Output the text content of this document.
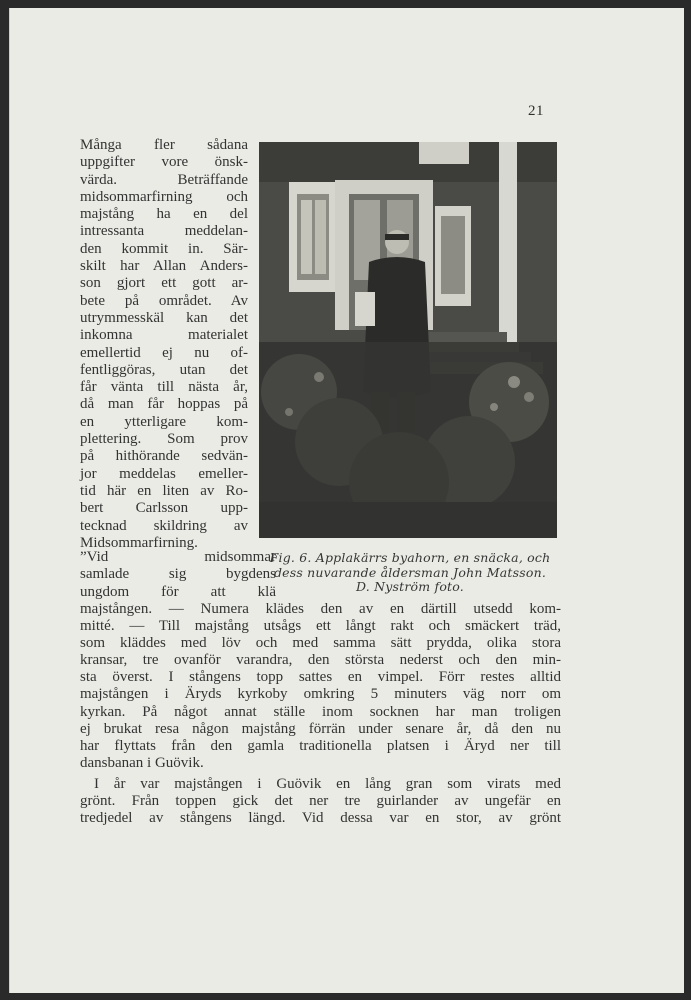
21
Många fler sådana
uppgifter vore önsk-
värda. Beträffande
midsommarfirning och
majstång ha en del
intressanta meddelan-
den kommit in. Sär-
skilt har Allan Anders-
son gjort ett gott ar-
bete på området. Av
utrymmesskäl kan det
inkomna materialet
emellertid ej nu of-
fentliggöras, utan det
får vänta till nästa år,
då man får hoppas på
en ytterligare kom-
plettering. Som prov
på hithörande sedvän-
jor meddelas emeller-
tid här en liten av Ro-
bert Carlsson upp-
tecknad skildring av
Midsommarfirning.
Fig. 6. Applakärrs byahorn, en snäcka, och
dess nuvarande åldersman John Matsson.
D. Nyström foto.
”Vid midsommar
samlade sig bygdens
ungdom för att klä
majstången. — Numera klädes den av en därtill utsedd kom-
mitté. — Till majstång utsågs ett långt rakt och smäckert träd,
som kläddes med löv och med samma sätt prydda, olika stora
kransar, tre ovanför varandra, den största nederst och den min-
sta överst. I stångens topp sattes en vimpel. Förr restes alltid
majstången i Äryds kyrkoby omkring 5 minuters väg norr om
kyrkan. På något annat ställe inom socknen har man troligen
ej brukat resa någon majstång förrän under senare år, då den nu
har flyttats från den gamla traditionella platsen i Äryd ner till
dansbanan i Guövik.
I år var majstången i Guövik en lång gran som virats med
grönt. Från toppen gick det ner tre guirlander av ungefär en
tredjedel av stångens längd. Vid dessa var en stor, av grönt
